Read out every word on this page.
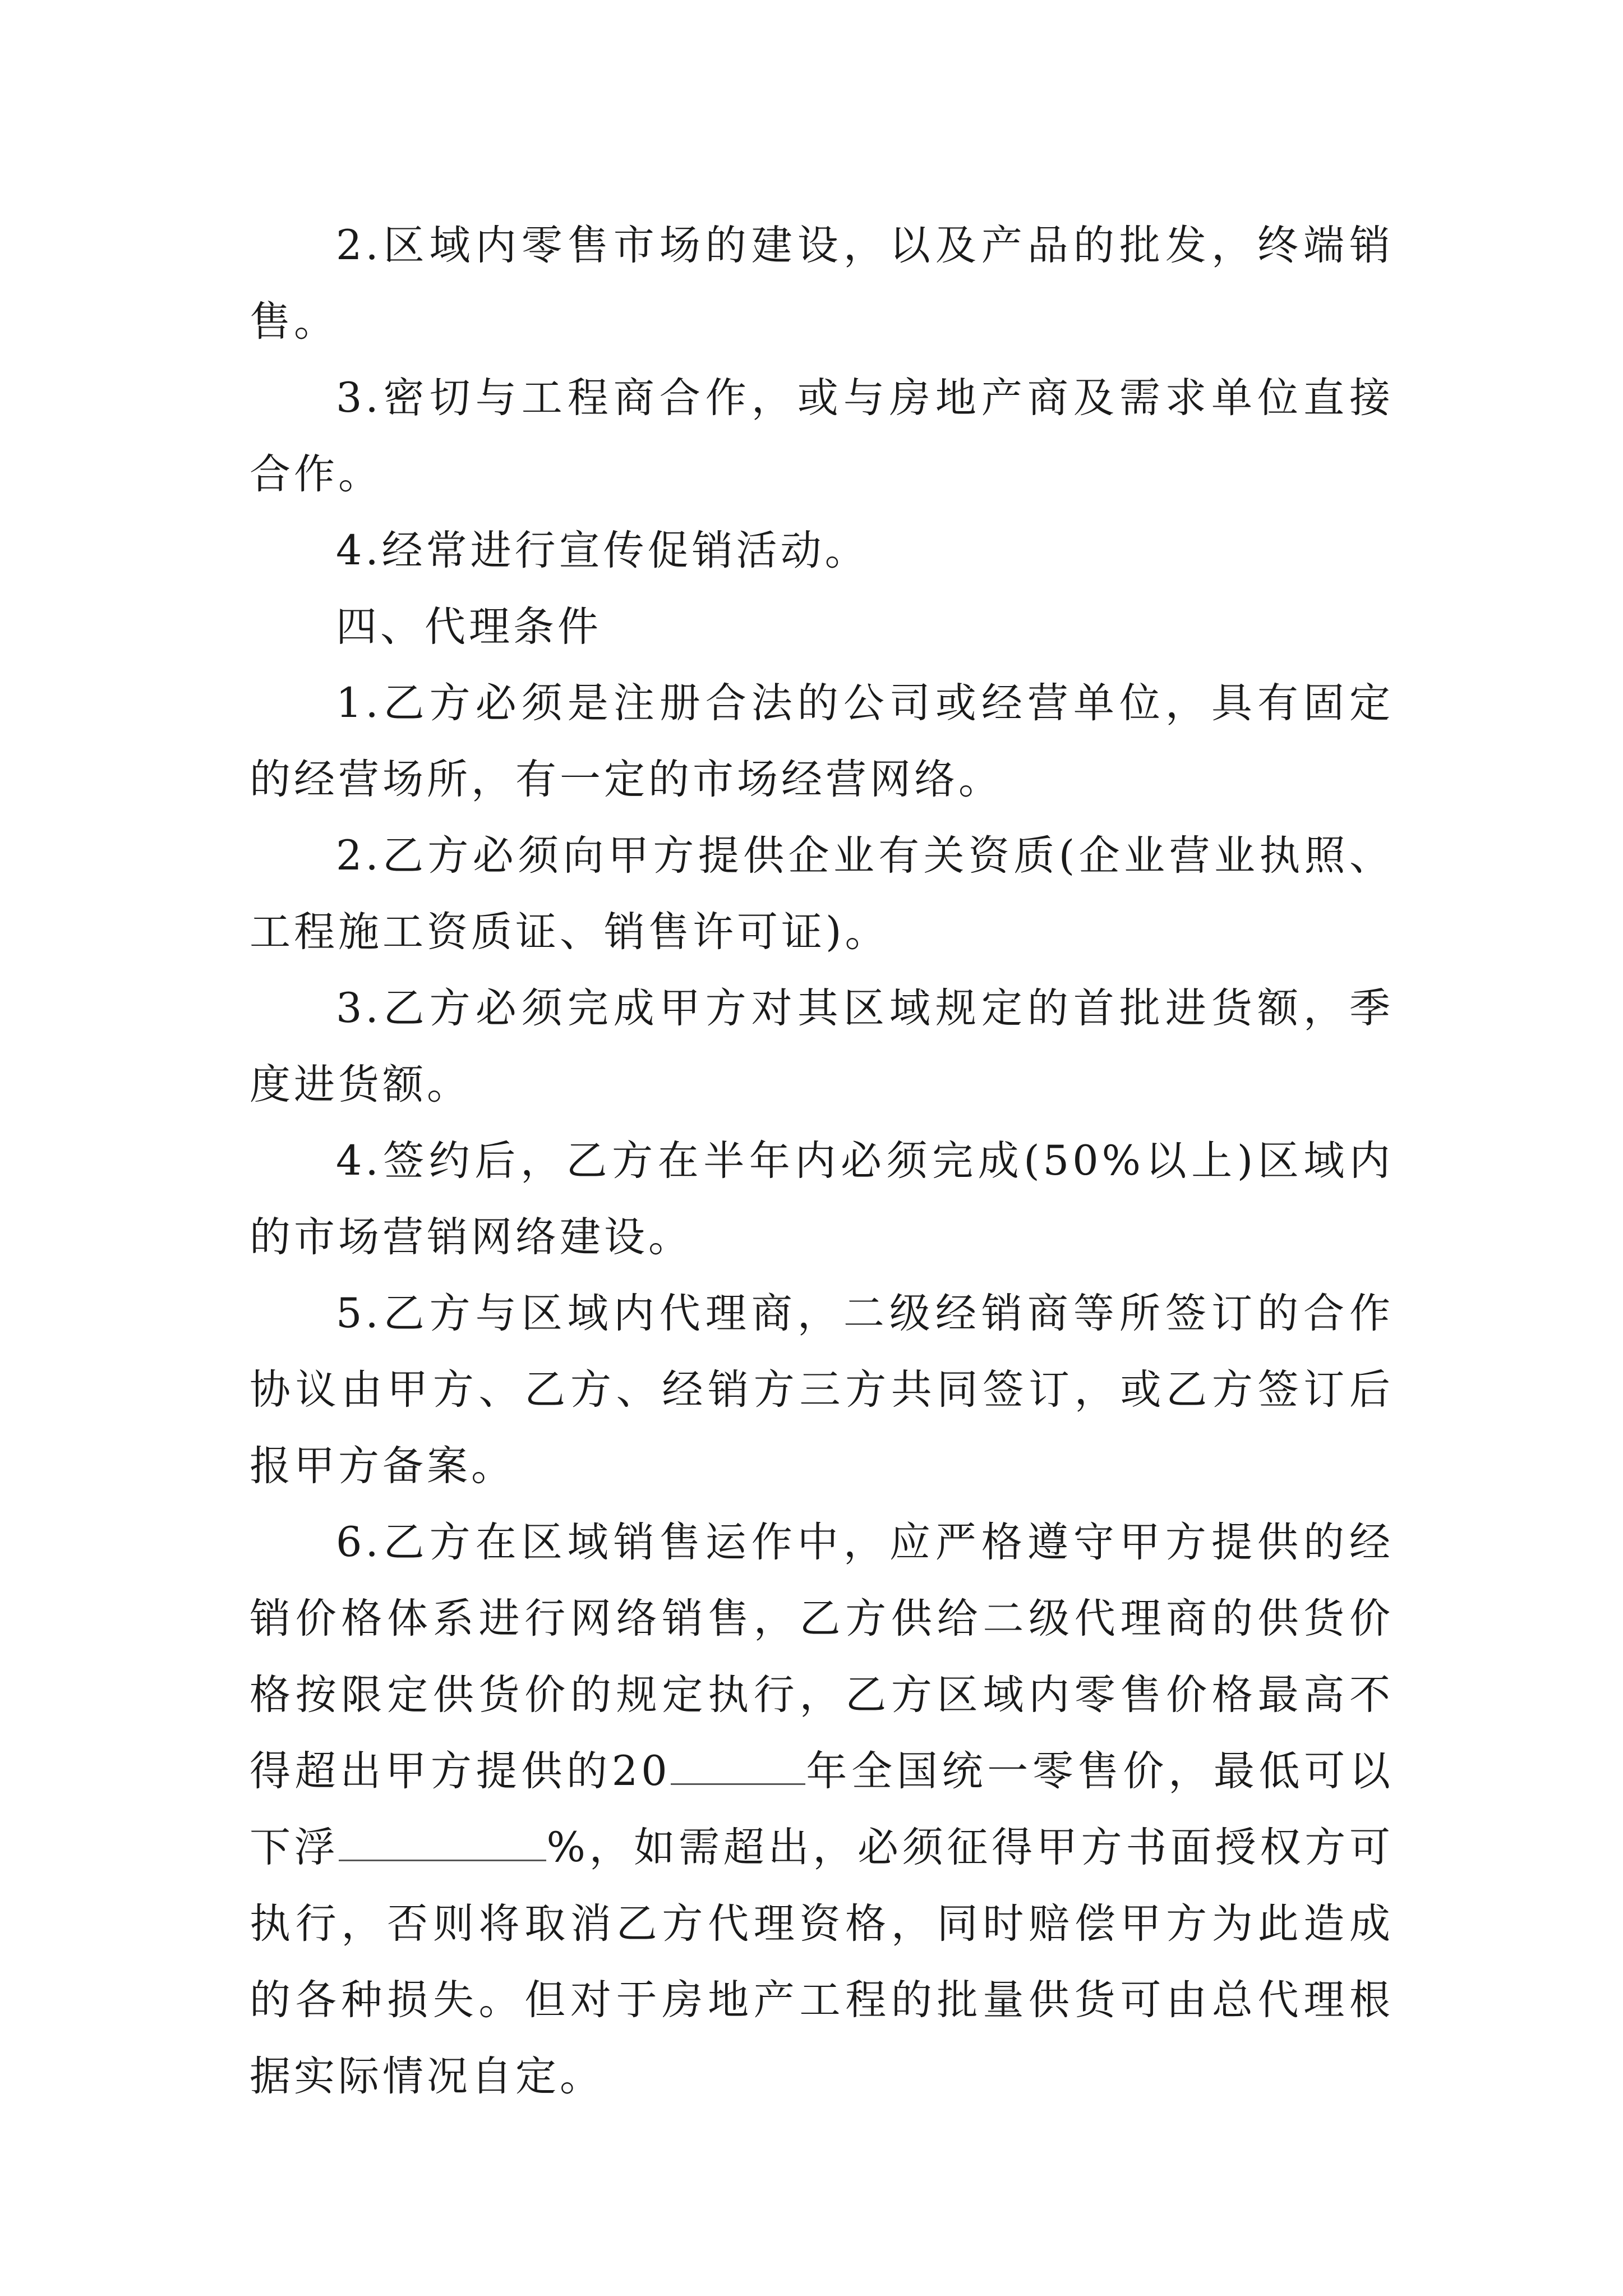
2.区域内零售市场的建设，以及产品的批发，终端销售。

3.密切与工程商合作，或与房地产商及需求单位直接合作。

4.经常进行宣传促销活动。

四、代理条件

1.乙方必须是注册合法的公司或经营单位，具有固定的经营场所，有一定的市场经营网络。

2.乙方必须向甲方提供企业有关资质(企业营业执照、工程施工资质证、销售许可证)。

3.乙方必须完成甲方对其区域规定的首批进货额，季度进货额。

4.签约后，乙方在半年内必须完成(50%以上)区域内的市场营销网络建设。

5.乙方与区域内代理商，二级经销商等所签订的合作协议由甲方、乙方、经销方三方共同签订，或乙方签订后报甲方备案。

6.乙方在区域销售运作中，应严格遵守甲方提供的经销价格体系进行网络销售，乙方供给二级代理商的供货价格按限定供货价的规定执行，乙方区域内零售价格最高不得超出甲方提供的20	年全国统一零售价，最低可以下浮	%，如需超出，必须征得甲方书面授权方可执行，否则将取消乙方代理资格，同时赔偿甲方为此造成的各种损失。但对于房地产工程的批量供货可由总代理根据实际情况自定。
